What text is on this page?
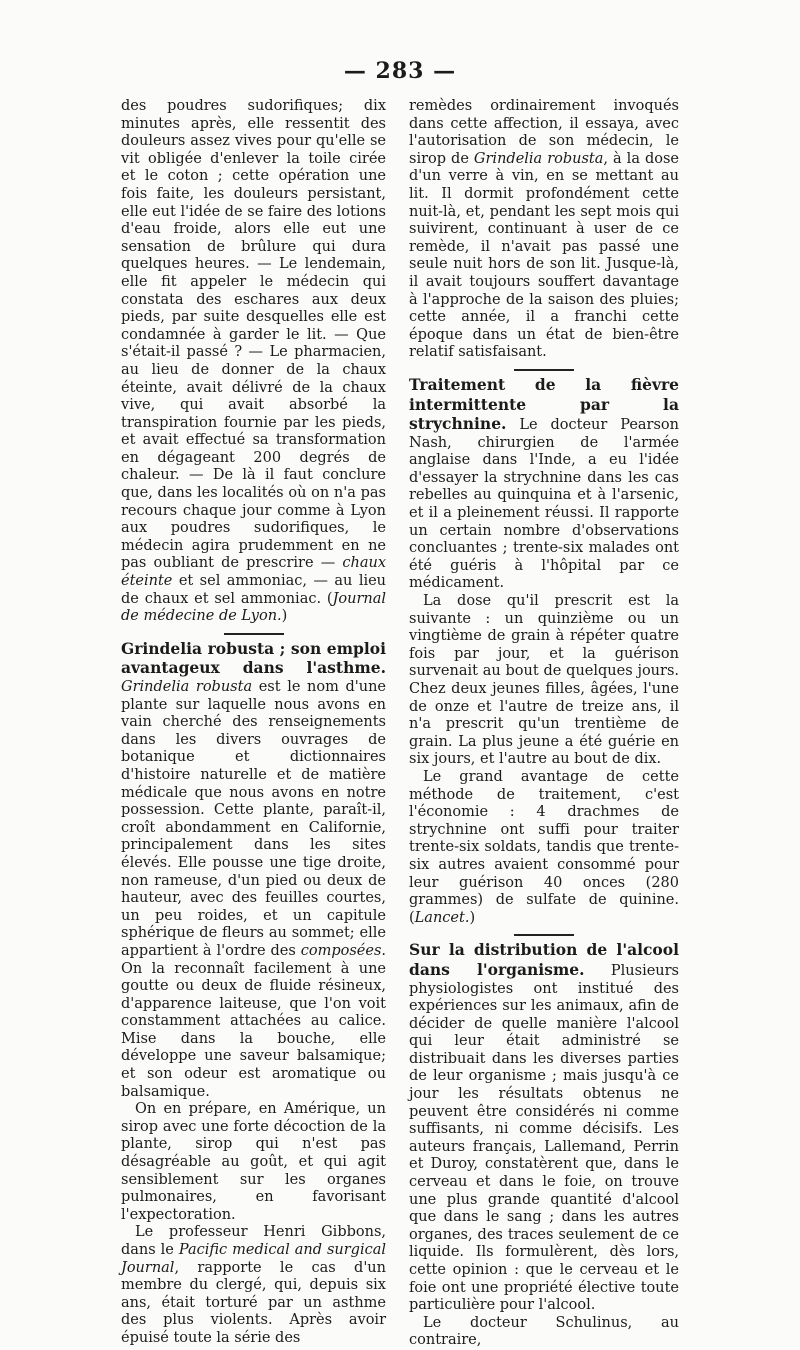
— 283 —

des poudres sudorifiques; dix minutes après, elle ressentit des douleurs assez vives pour qu'elle se vit obligée d'enlever la toile cirée et le coton ; cette opération une fois faite, les douleurs persistant, elle eut l'idée de se faire des lotions d'eau froide, alors elle eut une sensation de brûlure qui dura quelques heures. — Le lendemain, elle fit appeler le médecin qui constata des eschares aux deux pieds, par suite desquelles elle est condamnée à garder le lit. — Que s'était-il passé ? — Le pharmacien, au lieu de donner de la chaux éteinte, avait délivré de la chaux vive, qui avait absorbé la transpiration fournie par les pieds, et avait effectué sa transformation en dégageant 200 degrés de chaleur. — De là il faut conclure que, dans les localités où on n'a pas recours chaque jour comme à Lyon aux poudres sudorifiques, le médecin agira prudemment en ne pas oubliant de prescrire — chaux éteinte et sel ammoniac, — au lieu de chaux et sel ammoniac. (Journal de médecine de Lyon.)

Grindelia robusta ; son emploi avantageux dans l'asthme. Grindelia robusta est le nom d'une plante sur laquelle nous avons en vain cherché des renseignements dans les divers ouvrages de botanique et dictionnaires d'histoire naturelle et de matière médicale que nous avons en notre possession. Cette plante, paraît-il, croît abondamment en Californie, principalement dans les sites élevés. Elle pousse une tige droite, non rameuse, d'un pied ou deux de hauteur, avec des feuilles courtes, un peu roides, et un capitule sphérique de fleurs au sommet; elle appartient à l'ordre des composées. On la reconnaît facilement à une goutte ou deux de fluide résineux, d'apparence laiteuse, que l'on voit constamment attachées au calice. Mise dans la bouche, elle développe une saveur balsamique; et son odeur est aromatique ou balsamique.

On en prépare, en Amérique, un sirop avec une forte décoction de la plante, sirop qui n'est pas désagréable au goût, et qui agit sensiblement sur les organes pulmonaires, en favorisant l'expectoration.

Le professeur Henri Gibbons, dans le Pacific medical and surgical Journal, rapporte le cas d'un membre du clergé, qui, depuis six ans, était torturé par un asthme des plus violents. Après avoir épuisé toute la série des

remèdes ordinairement invoqués dans cette affection, il essaya, avec l'autorisation de son médecin, le sirop de Grindelia robusta, à la dose d'un verre à vin, en se mettant au lit. Il dormit profondément cette nuit-là, et, pendant les sept mois qui suivirent, continuant à user de ce remède, il n'avait pas passé une seule nuit hors de son lit. Jusque-là, il avait toujours souffert davantage à l'approche de la saison des pluies; cette année, il a franchi cette époque dans un état de bien-être relatif satisfaisant.

Traitement de la fièvre intermittente par la strychnine. Le docteur Pearson Nash, chirurgien de l'armée anglaise dans l'Inde, a eu l'idée d'essayer la strychnine dans les cas rebelles au quinquina et à l'arsenic, et il a pleinement réussi. Il rapporte un certain nombre d'observations concluantes ; trente-six malades ont été guéris à l'hôpital par ce médicament.

La dose qu'il prescrit est la suivante : un quinzième ou un vingtième de grain à répéter quatre fois par jour, et la guérison survenait au bout de quelques jours. Chez deux jeunes filles, âgées, l'une de onze et l'autre de treize ans, il n'a prescrit qu'un trentième de grain. La plus jeune a été guérie en six jours, et l'autre au bout de dix.

Le grand avantage de cette méthode de traitement, c'est l'économie : 4 drachmes de strychnine ont suffi pour traiter trente-six soldats, tandis que trente-six autres avaient consommé pour leur guérison 40 onces (280 grammes) de sulfate de quinine. (Lancet.)

Sur la distribution de l'alcool dans l'organisme. Plusieurs physiologistes ont institué des expériences sur les animaux, afin de décider de quelle manière l'alcool qui leur était administré se distribuait dans les diverses parties de leur organisme ; mais jusqu'à ce jour les résultats obtenus ne peuvent être considérés ni comme suffisants, ni comme décisifs. Les auteurs français, Lallemand, Perrin et Duroy, constatèrent que, dans le cerveau et dans le foie, on trouve une plus grande quantité d'alcool que dans le sang ; dans les autres organes, des traces seulement de ce liquide. Ils formulèrent, dès lors, cette opinion : que le cerveau et le foie ont une propriété élective toute particulière pour l'alcool.

Le docteur Schulinus, au contraire,
